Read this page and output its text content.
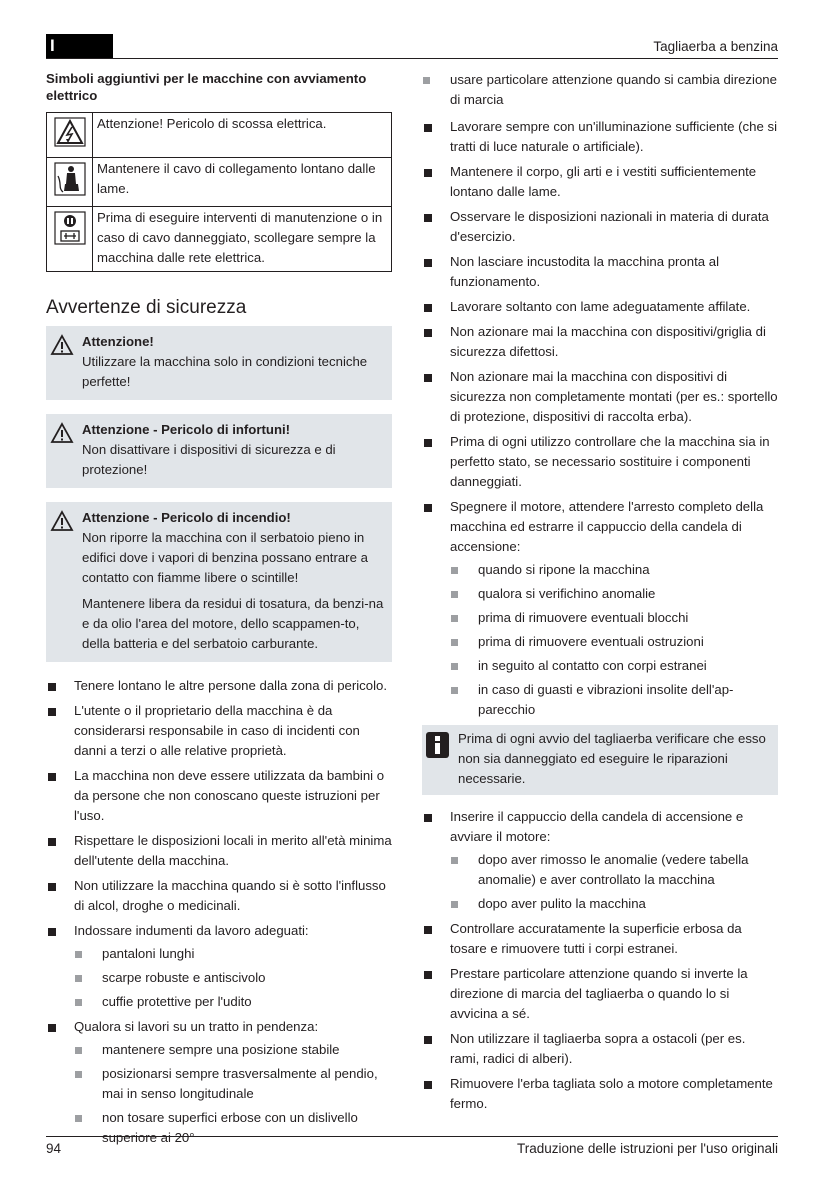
I	Tagliaerba a benzina
Simboli aggiuntivi per le macchine con avviamento elettrico
	Attenzione! Pericolo di scossa elettrica.
	Mantenere il cavo di collegamento lontano dalle lame.
	Prima di eseguire interventi di manutenzione o in caso di cavo danneggiato, scollegare sempre la macchina dalle rete elettrica.
Avvertenze di sicurezza
Attenzione!

Utilizzare la macchina solo in condizioni tecniche perfette!

Attenzione - Pericolo di infortuni!

Non disattivare i dispositivi di sicurezza e di protezione!

Attenzione - Pericolo di incendio!

Non riporre la macchina con il serbatoio pieno in edifici dove i vapori di benzina possano entrare a contatto con fiamme libere o scintille!

Mantenere libera da residui di tosatura, da benzi-na e da olio l'area del motore, dello scappamen-to, della batteria e del serbatoio carburante.

Tenere lontano le altre persone dalla zona di pericolo.
L'utente o il proprietario della macchina è da considerarsi responsabile in caso di incidenti con danni a terzi o alle relative proprietà.
La macchina non deve essere utilizzata da bambini o da persone che non conoscano queste istruzioni per l'uso.
Rispettare le disposizioni locali in merito all'età minima dell'utente della macchina.
Non utilizzare la macchina quando si è sotto l'influsso di alcol, droghe o medicinali.
Indossare indumenti da lavoro adeguati:
pantaloni lunghi
scarpe robuste e antiscivolo
cuffie protettive per l'udito
Qualora si lavori su un tratto in pendenza:
mantenere sempre una posizione stabile
posizionarsi sempre trasversalmente al pendio, mai in senso longitudinale
non tosare superfici erbose con un dislivello superiore ai 20°
usare particolare attenzione quando si cambia direzione di marcia
Lavorare sempre con un'illuminazione sufficiente (che si tratti di luce naturale o artificiale).
Mantenere il corpo, gli arti e i vestiti sufficientemente lontano dalle lame.
Osservare le disposizioni nazionali in materia di durata d'esercizio.
Non lasciare incustodita la macchina pronta al funzionamento.
Lavorare soltanto con lame adeguatamente affilate.
Non azionare mai la macchina con dispositivi/griglia di sicurezza difettosi.
Non azionare mai la macchina con dispositivi di sicurezza non completamente montati (per es.: sportello di protezione, dispositivi di raccolta erba).
Prima di ogni utilizzo controllare che la macchina sia in perfetto stato, se necessario sostituire i componenti danneggiati.
Spegnere il motore, attendere l'arresto completo della macchina ed estrarre il cappuccio della candela di accensione:
quando si ripone la macchina
qualora si verifichino anomalie
prima di rimuovere eventuali blocchi
prima di rimuovere eventuali ostruzioni
in seguito al contatto con corpi estranei
in caso di guasti e vibrazioni insolite dell'ap-parecchio

Prima di ogni avvio del tagliaerba verificare che esso non sia danneggiato ed eseguire le riparazioni necessarie.

Inserire il cappuccio della candela di accensione e avviare il motore:
dopo aver rimosso le anomalie (vedere tabella anomalie) e aver controllato la macchina
dopo aver pulito la macchina
Controllare accuratamente la superficie erbosa da tosare e rimuovere tutti i corpi estranei.
Prestare particolare attenzione quando si inverte la direzione di marcia del tagliaerba o quando lo si avvicina a sé.
Non utilizzare il tagliaerba sopra a ostacoli (per es. rami, radici di alberi).
Rimuovere l'erba tagliata solo a motore completamente fermo.
94	Traduzione delle istruzioni per l'uso originali
